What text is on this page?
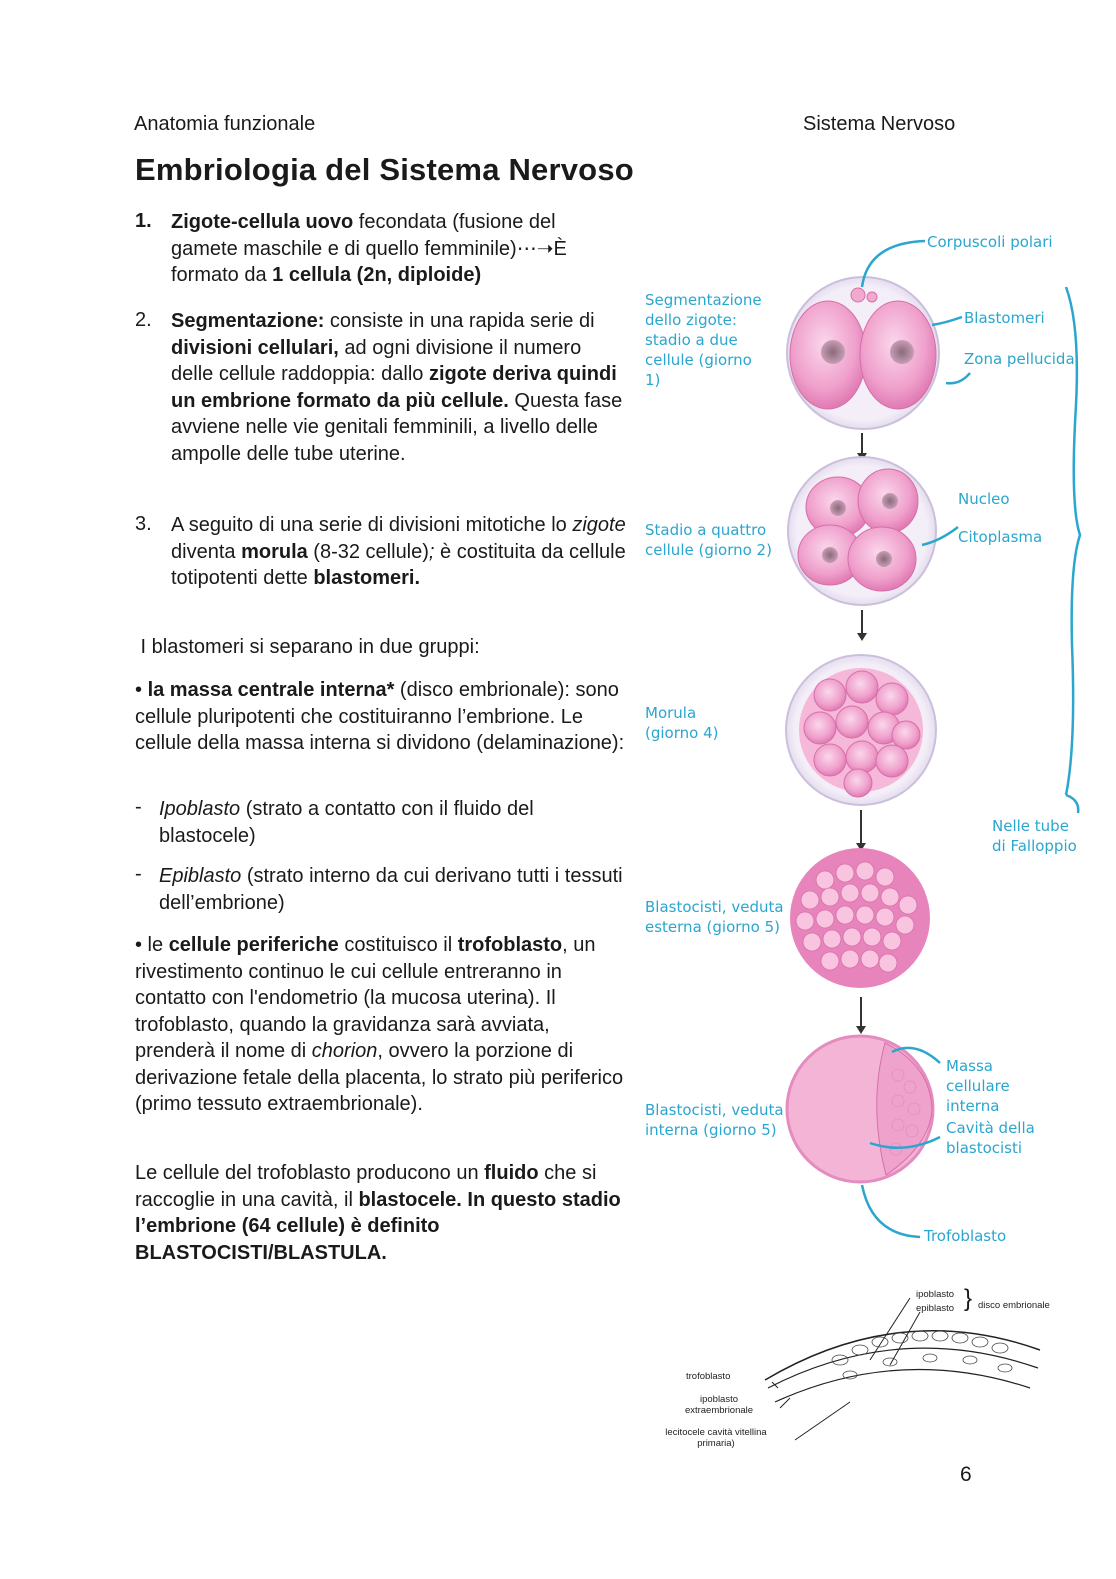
Anatomia funzionale	Sistema Nervoso
Embriologia del Sistema Nervoso
1. Zigote-cellula uovo fecondata (fusione del gamete maschile e di quello femminile)⋯➝È formato da 1 cellula (2n, diploide)
2. Segmentazione: consiste in una rapida serie di divisioni cellulari, ad ogni divisione il numero delle cellule raddoppia: dallo zigote deriva quindi un embrione formato da più cellule. Questa fase avviene nelle vie genitali femminili, a livello delle ampolle delle tube uterine.
3. A seguito di una serie di divisioni mitotiche lo zigote diventa morula (8-32 cellule); è costituita da cellule totipotenti dette blastomeri.
I blastomeri si separano in due gruppi:
• la massa centrale interna* (disco embrionale): sono cellule pluripotenti che costituiranno l’embrione. Le cellule della massa interna si dividono (delaminazione):
- Ipoblasto (strato a contatto con il fluido del blastocele)
- Epiblasto (strato interno da cui derivano tutti i tessuti dell’embrione)
• le cellule periferiche costituisco il trofoblasto, un rivestimento continuo le cui cellule entreranno in contatto con l'endometrio (la mucosa uterina). Il trofoblasto, quando la gravidanza sarà avviata, prenderà il nome di chorion, ovvero la porzione di derivazione fetale della placenta, lo strato più periferico (primo tessuto extraembrionale).
Le cellule del trofoblasto producono un fluido che si raccoglie in una cavità, il blastocele. In questo stadio l’embrione (64 cellule) è definito BLASTOCISTI/BLASTULA.
Segmentazione dello zigote: stadio a due cellule (giorno 1)
Stadio a quattro cellule (giorno 2)
Morula (giorno 4)
Blastocisti, veduta esterna (giorno 5)
Blastocisti, veduta interna (giorno 5)
Corpuscoli polari
Blastomeri
Zona pellucida
Nucleo
Citoplasma
Nelle tube di Falloppio
Massa cellulare interna
Cavità della blastocisti
Trofoblasto
ipoblasto
epiblasto } disco embrionale
trofoblasto
ipoblasto extraembrionale
lecitocele cavità vitellina primaria)
6
